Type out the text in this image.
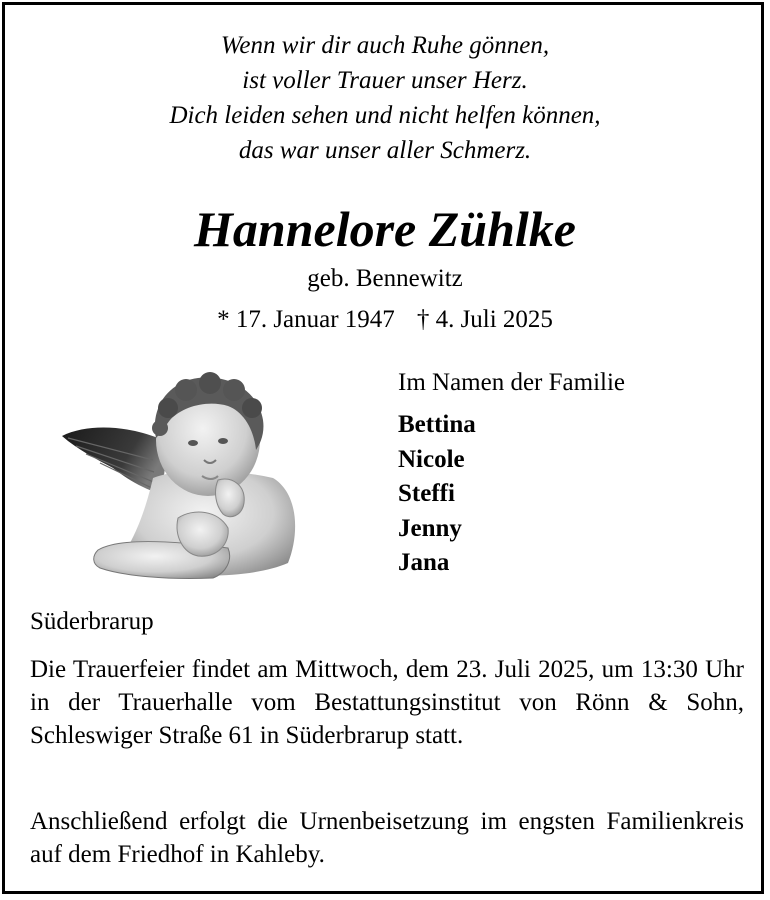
Wenn wir dir auch Ruhe gönnen,
ist voller Trauer unser Herz.
Dich leiden sehen und nicht helfen können,
das war unser aller Schmerz.
Hannelore Zühlke
geb. Bennewitz
* 17. Januar 1947 † 4. Juli 2025
Im Namen der Familie
Bettina
Nicole
Steffi
Jenny
Jana
Süderbrarup
Die Trauerfeier findet am Mittwoch, dem 23. Juli 2025, um 13:30 Uhr in der Trauerhalle vom Bestattungsinstitut von Rönn & Sohn, Schleswiger Straße 61 in Süderbrarup statt.
Anschließend erfolgt die Urnenbeisetzung im engsten Familienkreis auf dem Friedhof in Kahleby.
